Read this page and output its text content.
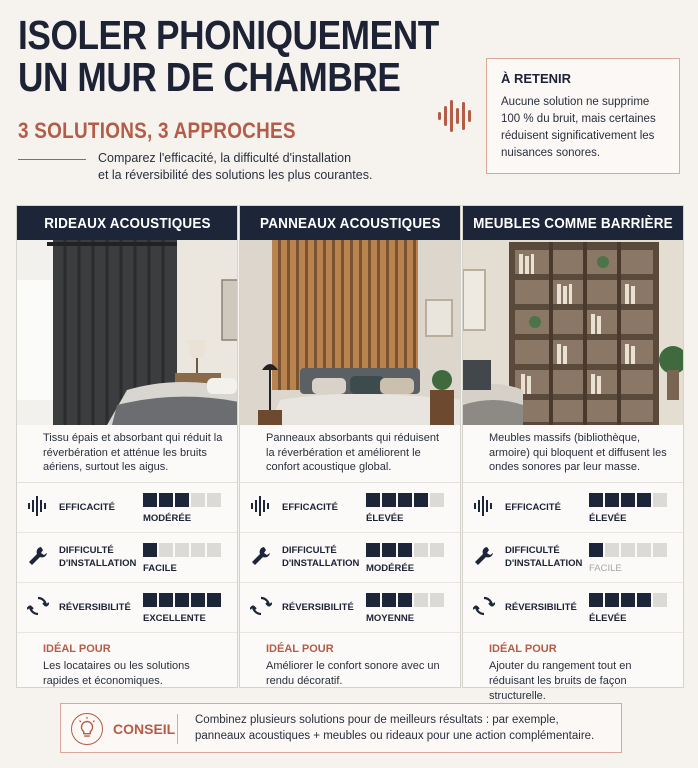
ISOLER PHONIQUEMENT
UN MUR DE CHAMBRE
3 SOLUTIONS, 3 APPROCHES
Comparez l'efficacité, la difficulté d'installation
et la réversibilité des solutions les plus courantes.
À RETENIR

Aucune solution ne supprime 100 % du bruit, mais certaines réduisent significativement les nuisances sonores.

RIDEAUX ACOUSTIQUES
Tissu épais et absorbant qui réduit la réverbération et atténue les bruits aériens, surtout les aigus.
EFFICACITÉ
MODÉRÉE
DIFFICULTÉ
D'INSTALLATION FACILE
RÉVERSIBILITÉ
EXCELLENTE
IDÉAL POUR

Les locataires ou les solutions rapides et économiques.

PANNEAUX ACOUSTIQUES
Panneaux absorbants qui réduisent la réverbération et améliorent le confort acoustique global.
EFFICACITÉ
ÉLEVÉE
DIFFICULTÉ
D'INSTALLATION MODÉRÉE
RÉVERSIBILITÉ
MOYENNE
IDÉAL POUR

Améliorer le confort sonore avec un rendu décoratif.

MEUBLES COMME BARRIÈRE
Meubles massifs (bibliothèque, armoire) qui bloquent et diffusent les ondes sonores par leur masse.
EFFICACITÉ
ÉLEVÉE
DIFFICULTÉ
D'INSTALLATION FACILE
RÉVERSIBILITÉ
ÉLEVÉE
IDÉAL POUR

Ajouter du rangement tout en réduisant les bruits de façon structurelle.

CONSEIL
Combinez plusieurs solutions pour de meilleurs résultats : par exemple,
panneaux acoustiques + meubles ou rideaux pour une action complémentaire.
